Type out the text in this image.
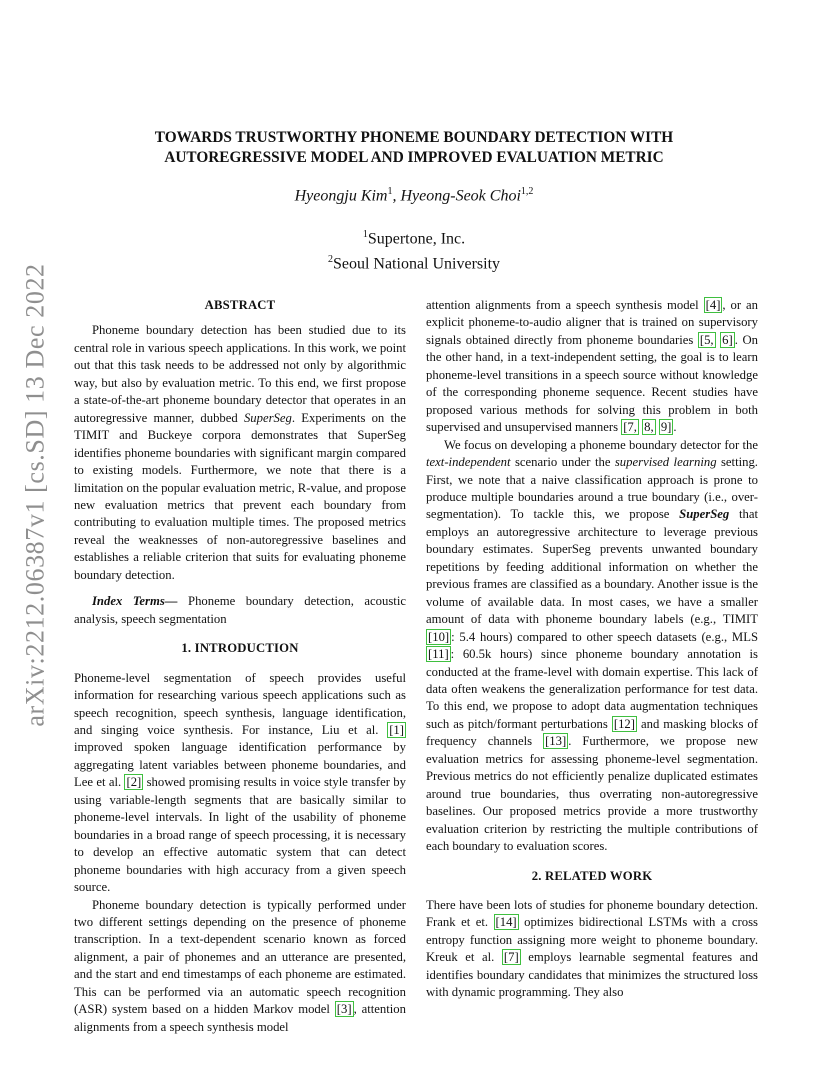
arXiv:2212.06387v1 [cs.SD] 13 Dec 2022
TOWARDS TRUSTWORTHY PHONEME BOUNDARY DETECTION WITH
AUTOREGRESSIVE MODEL AND IMPROVED EVALUATION METRIC
Hyeongju Kim$^1$, Hyeong-Seok Choi$^{1,2}$
$^1$Supertone, Inc.
$^2$Seoul National University
ABSTRACT

Phoneme boundary detection has been studied due to its central role in various speech applications. In this work, we point out that this task needs to be addressed not only by algorithmic way, but also by evaluation metric. To this end, we first propose a state-of-the-art phoneme boundary detector that operates in an autoregressive manner, dubbed SuperSeg. Experiments on the TIMIT and Buckeye corpora demonstrates that SuperSeg identifies phoneme boundaries with significant margin compared to existing models. Furthermore, we note that there is a limitation on the popular evaluation metric, R-value, and propose new evaluation metrics that prevent each boundary from contributing to evaluation multiple times. The proposed metrics reveal the weaknesses of non-autoregressive baselines and establishes a reliable criterion that suits for evaluating phoneme boundary detection.

Index Terms— Phoneme boundary detection, acoustic analysis, speech segmentation

1. INTRODUCTION

Phoneme-level segmentation of speech provides useful information for researching various speech applications such as speech recognition, speech synthesis, language identification, and singing voice synthesis. For instance, Liu et al. [1] improved spoken language identification performance by aggregating latent variables between phoneme boundaries, and Lee et al. [2] showed promising results in voice style transfer by using variable-length segments that are basically similar to phoneme-level intervals. In light of the usability of phoneme boundaries in a broad range of speech processing, it is necessary to develop an effective automatic system that can detect phoneme boundaries with high accuracy from a given speech source.

Phoneme boundary detection is typically performed under two different settings depending on the presence of phoneme transcription. In a text-dependent scenario known as forced alignment, a pair of phonemes and an utterance are presented, and the start and end timestamps of each phoneme are estimated. This can be performed via an automatic speech recognition (ASR) system based on a hidden Markov model [3] , attention alignments from a speech synthesis model

attention alignments from a speech synthesis model [4] , or an explicit phoneme-to-audio aligner that is trained on supervisory signals obtained directly from phoneme boundaries [5, 6] . On the other hand, in a text-independent setting, the goal is to learn phoneme-level transitions in a speech source without knowledge of the corresponding phoneme sequence. Recent studies have proposed various methods for solving this problem in both supervised and unsupervised manners [7, 8, 9] .

We focus on developing a phoneme boundary detector for the text-independent scenario under the supervised learning setting. First, we note that a naive classification approach is prone to produce multiple boundaries around a true boundary (i.e., over-segmentation). To tackle this, we propose SuperSeg that employs an autoregressive architecture to leverage previous boundary estimates. SuperSeg prevents unwanted boundary repetitions by feeding additional information on whether the previous frames are classified as a boundary. Another issue is the volume of available data. In most cases, we have a smaller amount of data with phoneme boundary labels (e.g., TIMIT [10] : 5.4 hours) compared to other speech datasets (e.g., MLS [11] : 60.5k hours) since phoneme boundary annotation is conducted at the frame-level with domain expertise. This lack of data often weakens the generalization performance for test data. To this end, we propose to adopt data augmentation techniques such as pitch/formant perturbations [12] and masking blocks of frequency channels [13] . Furthermore, we propose new evaluation metrics for assessing phoneme-level segmentation. Previous metrics do not efficiently penalize duplicated estimates around true boundaries, thus overrating non-autoregressive baselines. Our proposed metrics provide a more trustworthy evaluation criterion by restricting the multiple contributions of each boundary to evaluation scores.

2. RELATED WORK

There have been lots of studies for phoneme boundary detection. Frank et et. [14] optimizes bidirectional LSTMs with a cross entropy function assigning more weight to phoneme boundary. Kreuk et al. [7] employs learnable segmental features and identifies boundary candidates that minimizes the structured loss with dynamic programming. They also
